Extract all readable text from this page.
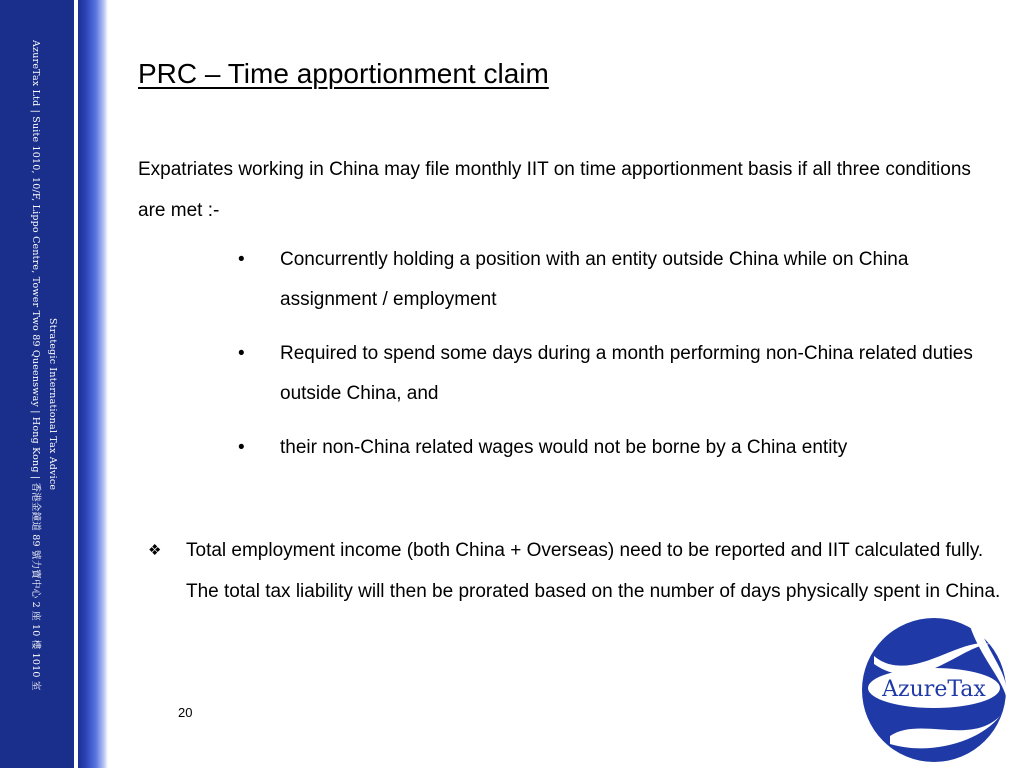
AzureTax Ltd | Suite 1010, 10/F, Lippo Centre, Tower Two 89 Queensway | Hong Kong | 香港金鐘道 89 號力寶中心 2 座 10 樓 1010 室 Strategic International Tax Advice
PRC – Time apportionment claim
Expatriates working in China may file monthly IIT on time apportionment basis if all three conditions are met :-
• Concurrently holding a position with an entity outside China while on China assignment / employment
• Required to spend some days during a month performing non-China related duties outside China, and
• their non-China related wages would not be borne by a China entity
❖ Total employment income (both China + Overseas) need to be reported and IIT calculated fully. The total tax liability will then be prorated based on the number of days physically spent in China.
20
AzureTax
